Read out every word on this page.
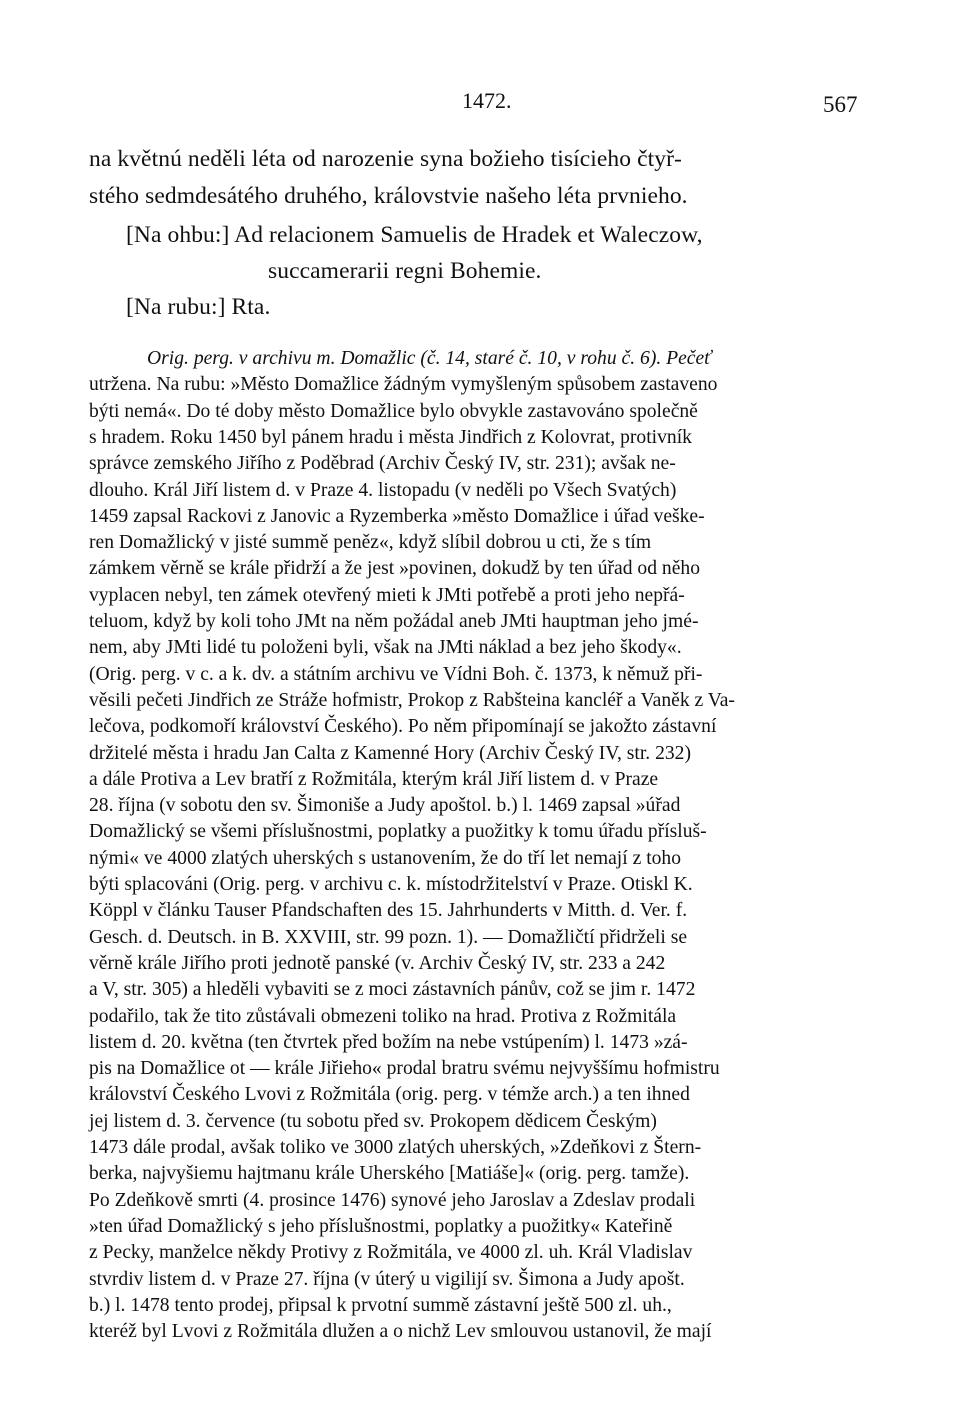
1472.	567
na květnú neděli léta od narozenie syna božieho tisícieho čtyř-
stého sedmdesátého druhého, královstvie našeho léta prvnieho.
[Na ohbu:] Ad relacionem Samuelis de Hradek et Waleczow,
succamerarii regni Bohemie.
[Na rubu:] Rta.
Orig. perg. v archivu m. Domažlic (č. 14, staré č. 10, v rohu č. 6). Pečeť
utržena. Na rubu: »Město Domažlice žádným vymyšleným spůsobem zastaveno
býti nemá«. Do té doby město Domažlice bylo obvykle zastavováno společně
s hradem. Roku 1450 byl pánem hradu i města Jindřich z Kolovrat, protivník
správce zemského Jiřího z Poděbrad (Archiv Český IV, str. 231); avšak ne-
dlouho. Král Jiří listem d. v Praze 4. listopadu (v neděli po Všech Svatých)
1459 zapsal Rackovi z Janovic a Ryzemberka »město Domažlice i úřad veške-
ren Domažlický v jisté summě peněz«, když slíbil dobrou u cti, že s tím
zámkem věrně se krále přidrží a že jest »povinen, dokudž by ten úřad od něho
vyplacen nebyl, ten zámek otevřený mieti k JMti potřebě a proti jeho nepřá-
teluom, když by koli toho JMt na něm požádal aneb JMti hauptman jeho jmé-
nem, aby JMti lidé tu položeni byli, však na JMti náklad a bez jeho škody«.
(Orig. perg. v c. a k. dv. a státním archivu ve Vídni Boh. č. 1373, k němuž při-
věsili pečeti Jindřich ze Stráže hofmistr, Prokop z Rabšteina kancléř a Vaněk z Va-
lečova, podkomoří království Českého). Po něm připomínají se jakožto zástavní
držitelé města i hradu Jan Calta z Kamenné Hory (Archiv Český IV, str. 232)
a dále Protiva a Lev bratří z Rožmitála, kterým král Jiří listem d. v Praze
28. října (v sobotu den sv. Šimoniše a Judy apoštol. b.) l. 1469 zapsal »úřad
Domažlický se všemi příslušnostmi, poplatky a puožitky k tomu úřadu přísluš-
nými« ve 4000 zlatých uherských s ustanovením, že do tří let nemají z toho
býti splacováni (Orig. perg. v archivu c. k. místodržitelství v Praze. Otiskl K.
Köppl v článku Tauser Pfandschaften des 15. Jahrhunderts v Mitth. d. Ver. f.
Gesch. d. Deutsch. in B. XXVIII, str. 99 pozn. 1). — Domažličtí přidrželi se
věrně krále Jiřího proti jednotě panské (v. Archiv Český IV, str. 233 a 242
a V, str. 305) a hleděli vybaviti se z moci zástavních pánův, což se jim r. 1472
podařilo, tak že tito zůstávali obmezeni toliko na hrad. Protiva z Rožmitála
listem d. 20. května (ten čtvrtek před božím na nebe vstúpením) l. 1473 »zá-
pis na Domažlice ot — krále Jiřieho« prodal bratru svému nejvyššímu hofmistru
království Českého Lvovi z Rožmitála (orig. perg. v témže arch.) a ten ihned
jej listem d. 3. července (tu sobotu před sv. Prokopem dědicem Českým)
1473 dále prodal, avšak toliko ve 3000 zlatých uherských, »Zdeňkovi z Štern-
berka, najvyšiemu hajtmanu krále Uherského [Matiáše]« (orig. perg. tamže).
Po Zdeňkově smrti (4. prosince 1476) synové jeho Jaroslav a Zdeslav prodali
»ten úřad Domažlický s jeho příslušnostmi, poplatky a puožitky« Kateřině
z Pecky, manželce někdy Protivy z Rožmitála, ve 4000 zl. uh. Král Vladislav
stvrdiv listem d. v Praze 27. října (v úterý u vigilijí sv. Šimona a Judy apošt.
b.) l. 1478 tento prodej, připsal k prvotní summě zástavní ještě 500 zl. uh.,
kteréž byl Lvovi z Rožmitála dlužen a o nichž Lev smlouvou ustanovil, že mají
